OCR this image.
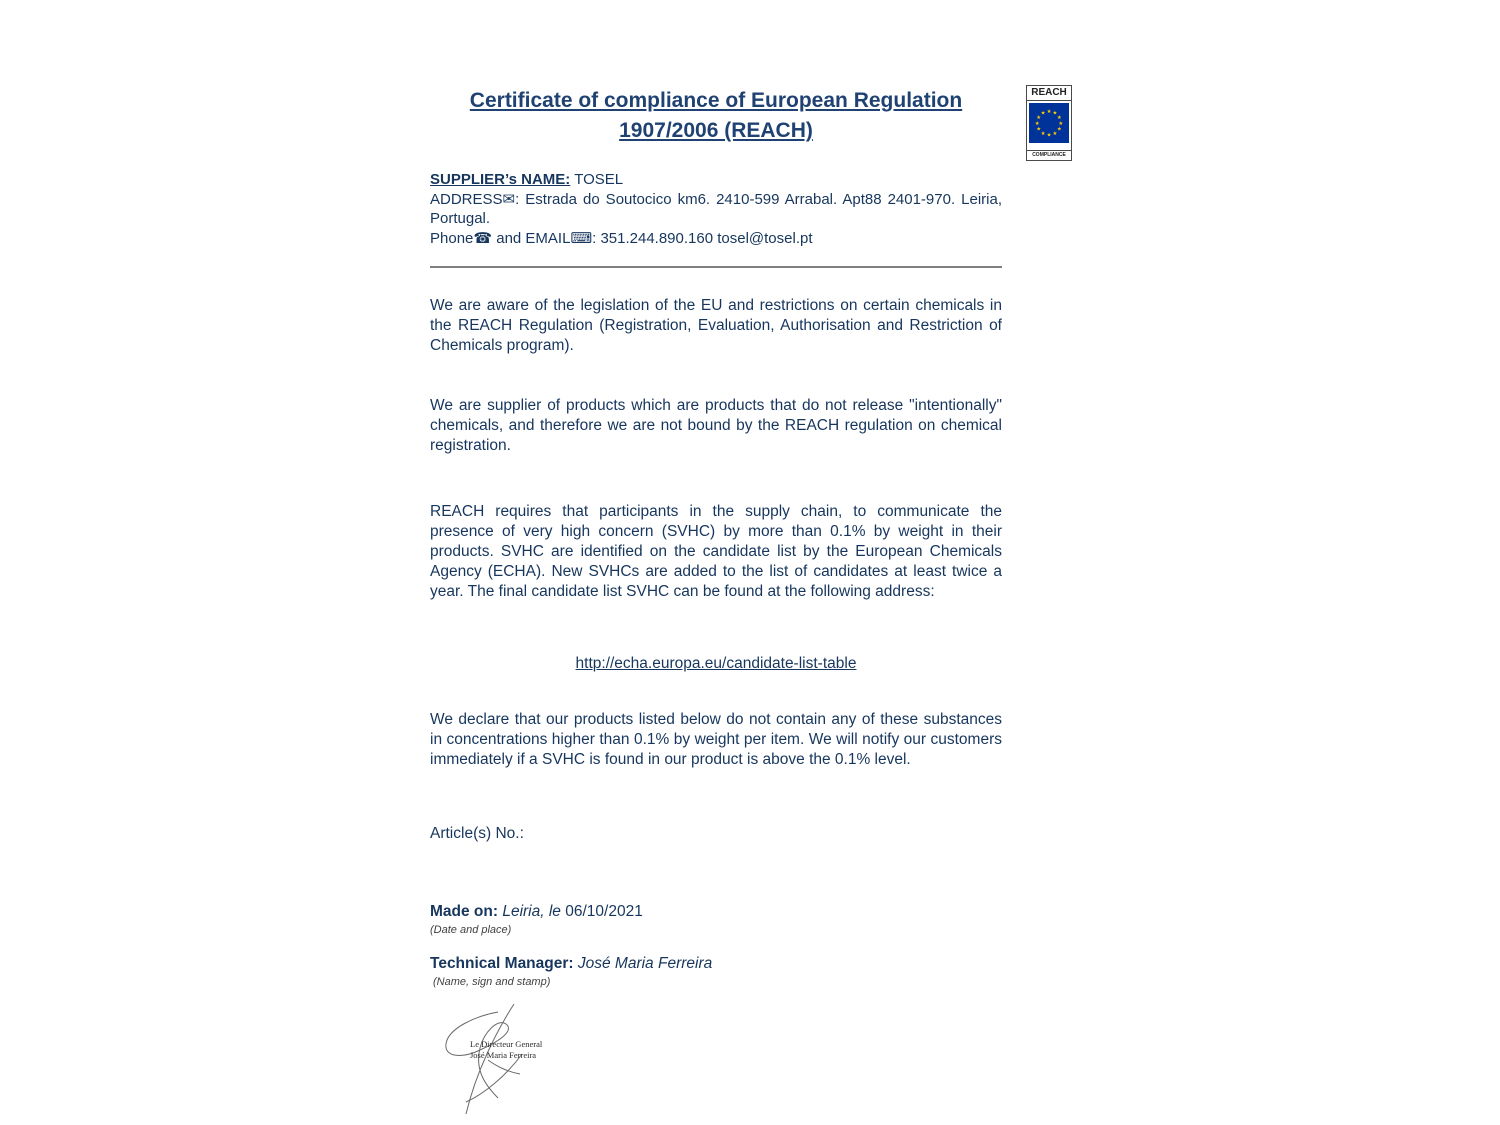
Certificate of compliance of European Regulation
1907/2006 (REACH)
REACH
★ ★
★
★
★
★
★
★
★
★
★
★
COMPLIANCE
SUPPLIER’s NAME: TOSEL
ADDRESS✉: Estrada do Soutocico km6. 2410-599 Arrabal. Apt88 2401-970. Leiria, Portugal.
Phone☎ and EMAIL⌨: 351.244.890.160 tosel@tosel.pt

We are aware of the legislation of the EU and restrictions on certain chemicals in the REACH Regulation (Registration, Evaluation, Authorisation and Restriction of Chemicals program).

We are supplier of products which are products that do not release "intentionally" chemicals, and therefore we are not bound by the REACH regulation on chemical registration.

REACH requires that participants in the supply chain, to communicate the presence of very high concern (SVHC) by more than 0.1% by weight in their products. SVHC are identified on the candidate list by the European Chemicals Agency (ECHA). New SVHCs are added to the list of candidates at least twice a year. The final candidate list SVHC can be found at the following address:

http://echa.europa.eu/candidate-list-table

We declare that our products listed below do not contain any of these substances in concentrations higher than 0.1% by weight per item. We will notify our customers immediately if a SVHC is found in our product is above the 0.1% level.

Article(s) No.:

Made on: Leiria, le 06/10/2021

(Date and place)

Technical Manager: José Maria Ferreira

(Name, sign and stamp)

Le Directeur General
José Maria Ferreira
